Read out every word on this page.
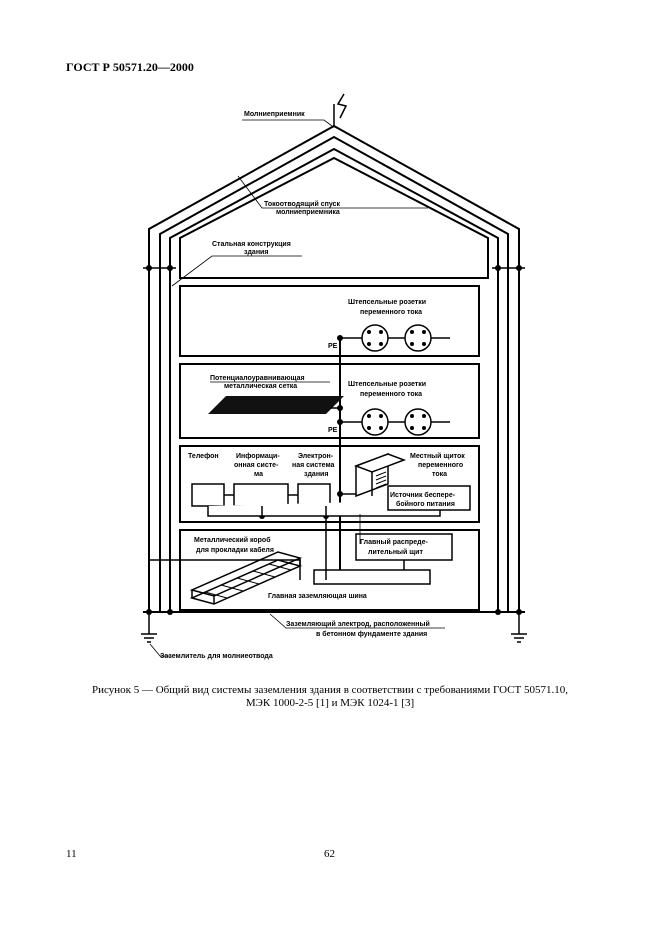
ГОСТ Р 50571.20—2000
Молниеприемник
Токоотводящий спуск
молниеприемника
Стальная конструкция
здания
Штепсельные розетки
переменного тока
PE
Потенциалоуравнивающая
металлическая сетка	Штепсельные розетки
переменного тока
PE
Телефон Информаци-
онная систе-
ма
Электрон-
ная система
здания
Местный щиток
переменного
тока
Источник беспере-
бойного питания
Металлический короб
для прокладки кабеля
Главный распреде-
лительный щит
Главная заземляющая шина
Заземляющий электрод, расположенный
в бетонном фундаменте здания
Заземлитель для молниеотвода
Рисунок 5 — Общий вид системы заземления здания в соответствии с требованиями ГОСТ 50571.10,
МЭК 1000-2-5 [1] и МЭК 1024-1 [3]
11	62
